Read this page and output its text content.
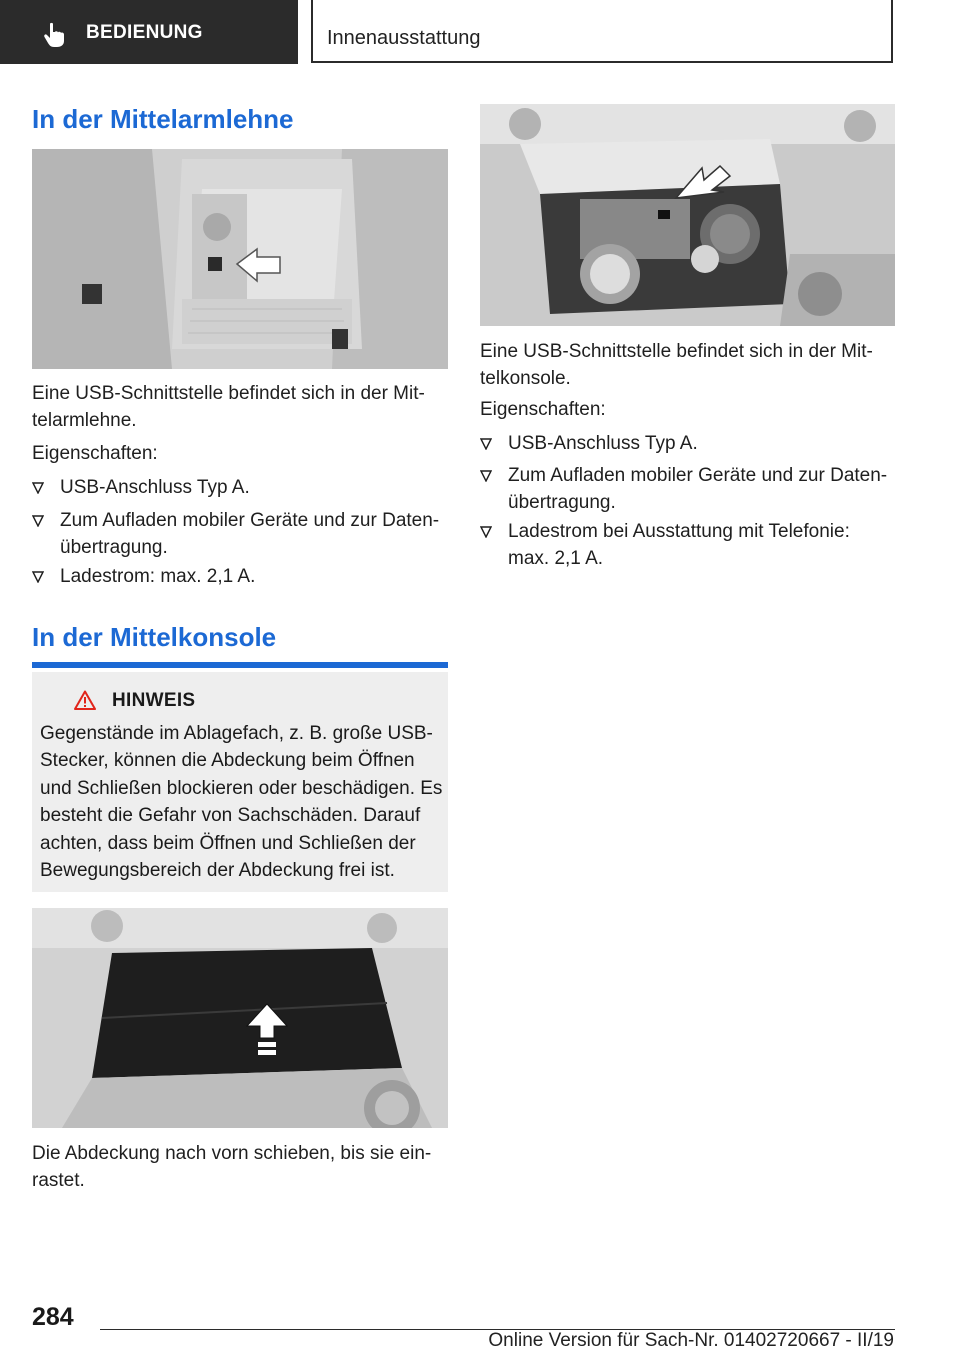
BEDIENUNG	Innenausstattung
In der Mittelarmlehne

Eine USB-Schnittstelle befindet sich in der Mit-
telarmlehne.

Eigenschaften:

USB-Anschluss Typ A.
Zum Aufladen mobiler Geräte und zur Daten-
übertragung.
Ladestrom: max. 2,1 A.
In der Mittelkonsole
HINWEIS
Gegenstände im Ablagefach, z. B. große USB-
Stecker, können die Abdeckung beim Öffnen
und Schließen blockieren oder beschädigen. Es
besteht die Gefahr von Sachschäden. Darauf
achten, dass beim Öffnen und Schließen der
Bewegungsbereich der Abdeckung frei ist.

Die Abdeckung nach vorn schieben, bis sie ein-
rastet.

Eine USB-Schnittstelle befindet sich in der Mit-
telkonsole.

Eigenschaften:

USB-Anschluss Typ A.
Zum Aufladen mobiler Geräte und zur Daten-
übertragung.
Ladestrom bei Ausstattung mit Telefonie:
max. 2,1 A.
284
Online Version für Sach-Nr. 01402720667 - II/19
